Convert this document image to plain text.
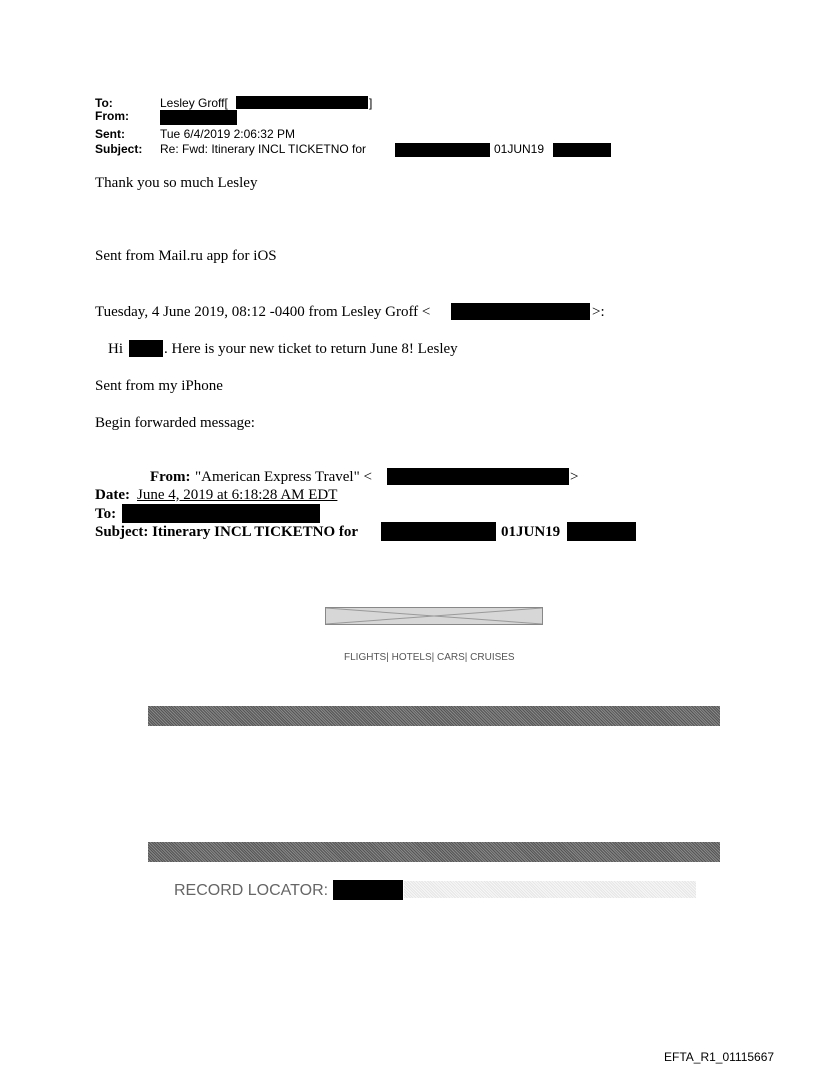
To:	Lesley Groff[	]
From:
Sent:	Tue 6/4/2019 2:06:32 PM
Subject: Re: Fwd: Itinerary INCL TICKETNO for	01JUN19
Thank you so much Lesley
Sent from Mail.ru app for iOS
Tuesday, 4 June 2019, 08:12 -0400 from Lesley Groff <	>:
Hi	. Here is your new ticket to return June 8! Lesley
Sent from my iPhone
Begin forwarded message:
From: "American Express Travel" <	>
Date: June 4, 2019 at 6:18:28 AM EDT
To:
Subject: Itinerary INCL TICKETNO for	01JUN19
FLIGHTS| HOTELS| CARS| CRUISES
RECORD LOCATOR:
EFTA_R1_01115667
